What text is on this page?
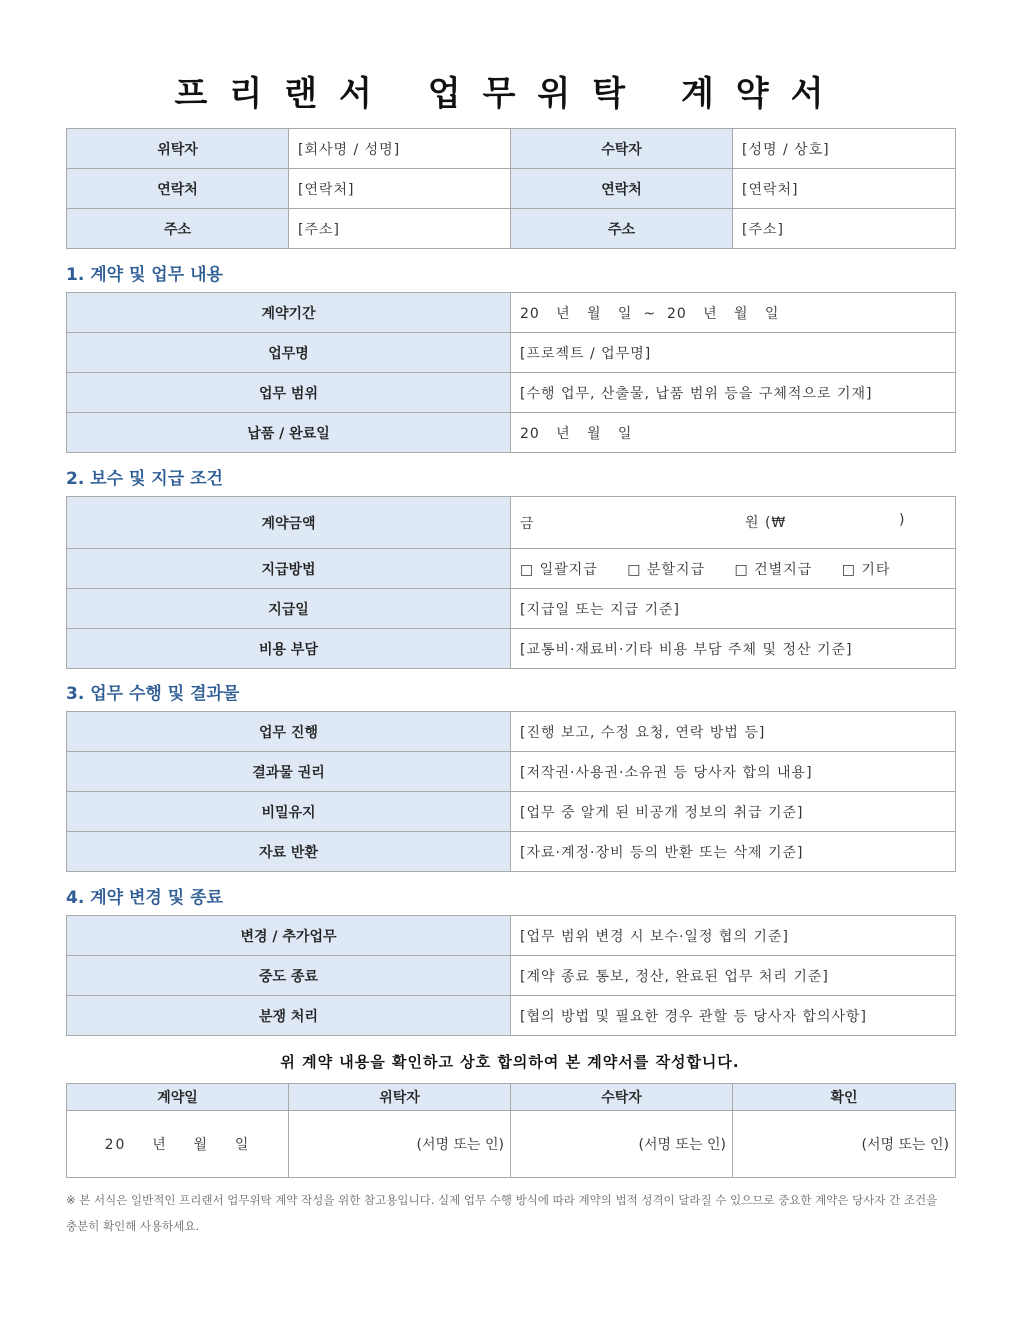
프리랜서 업무위탁 계약서
위탁자	[회사명 / 성명]	수탁자	[성명 / 상호]
연락처	[연락처]	연락처	[연락처]
주소	[주소]	주소	[주소]
1. 계약 및 업무 내용
계약기간	20   년   월   일  ~  20   년   월   일
업무명	[프로젝트 / 업무명]
업무 범위	[수행 업무, 산출물, 납품 범위 등을 구체적으로 기재]
납품 / 완료일	20   년   월   일
2. 보수 및 지급 조건
계약금액	금 원 (₩ )

지급방법	□ 일괄지급 □ 분할지급 □ 건별지급 □ 기타
지급일	[지급일 또는 지급 기준]
비용 부담	[교통비·재료비·기타 비용 부담 주체 및 정산 기준]
3. 업무 수행 및 결과물
업무 진행	[진행 보고, 수정 요청, 연락 방법 등]
결과물 권리	[저작권·사용권·소유권 등 당사자 합의 내용]
비밀유지	[업무 중 알게 된 비공개 정보의 취급 기준]
자료 반환	[자료·계정·장비 등의 반환 또는 삭제 기준]
4. 계약 변경 및 종료
변경 / 추가업무	[업무 범위 변경 시 보수·일정 협의 기준]
중도 종료	[계약 종료 통보, 정산, 완료된 업무 처리 기준]
분쟁 처리	[협의 방법 및 필요한 경우 관할 등 당사자 합의사항]
위 계약 내용을 확인하고 상호 합의하여 본 계약서를 작성합니다.
계약일	위탁자	수탁자	확인
20    년    월    일	(서명 또는 인)	(서명 또는 인)	(서명 또는 인)
※ 본 서식은 일반적인 프리랜서 업무위탁 계약 작성을 위한 참고용입니다. 실제 업무 수행 방식에 따라 계약의 법적 성격이 달라질 수 있으므로 중요한 계약은 당사자 간 조건을 충분히 확인해 사용하세요.
